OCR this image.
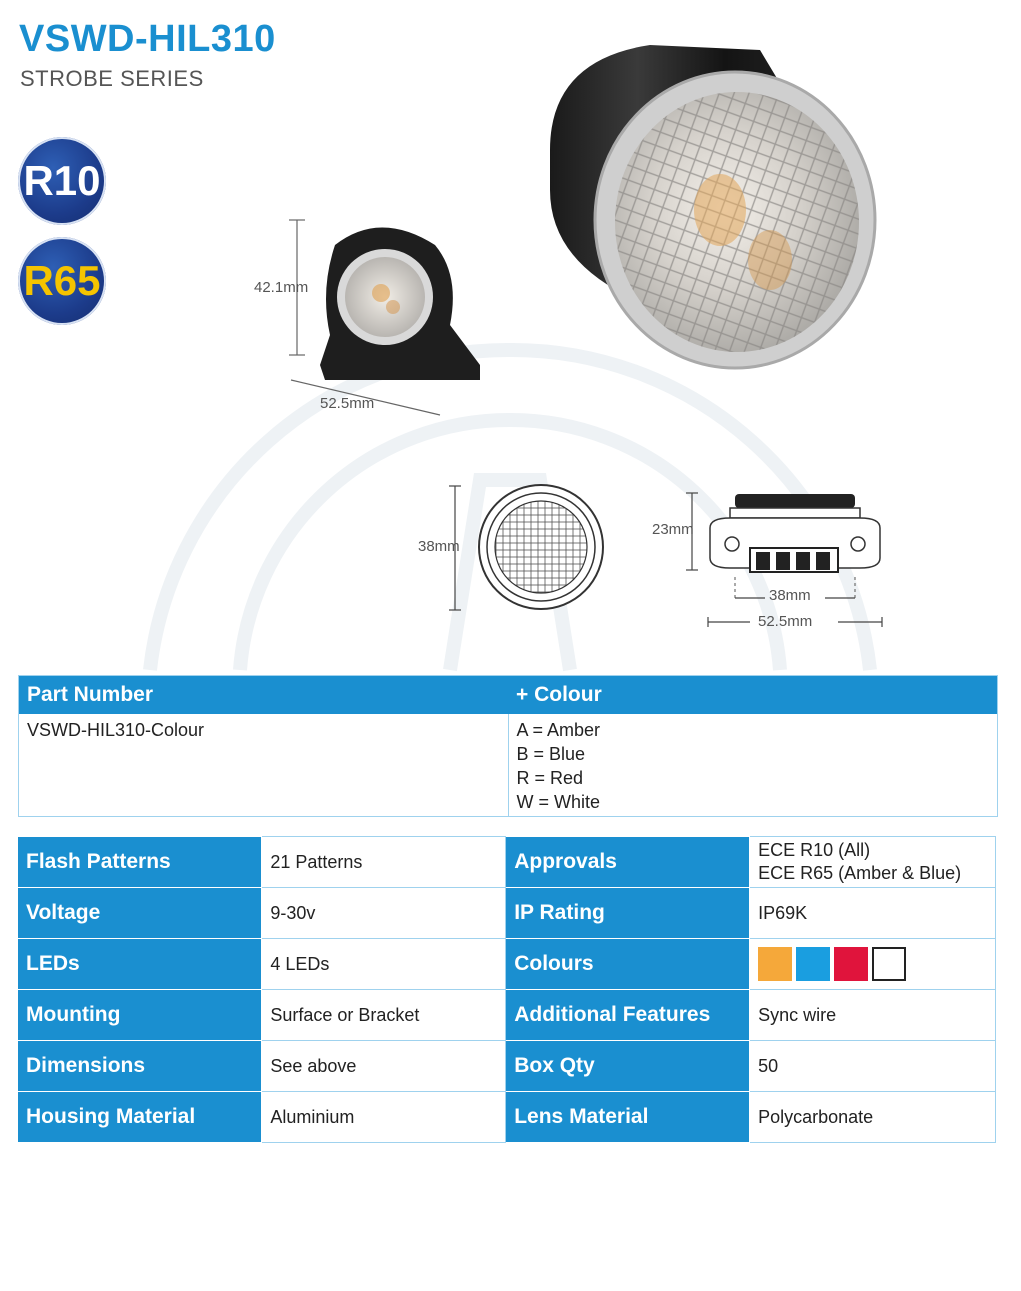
VSWD-HIL310
STROBE SERIES
R10
R65	42.1mm
52.5mm
38mm
23mm
38mm
52.5mm
Part Number	+ Colour
VSWD-HIL310-Colour	A = Amber
B = Blue
R = Red
W = White
Flash Patterns	21 Patterns	Approvals	ECE R10 (All)
ECE R65 (Amber & Blue)

Voltage	9-30v	IP Rating	IP69K
LEDs	4 LEDs	Colours	
Mounting	Surface or Bracket	Additional Features	Sync wire
Dimensions	See above	Box Qty	50
Housing Material	Aluminium	Lens Material	Polycarbonate
